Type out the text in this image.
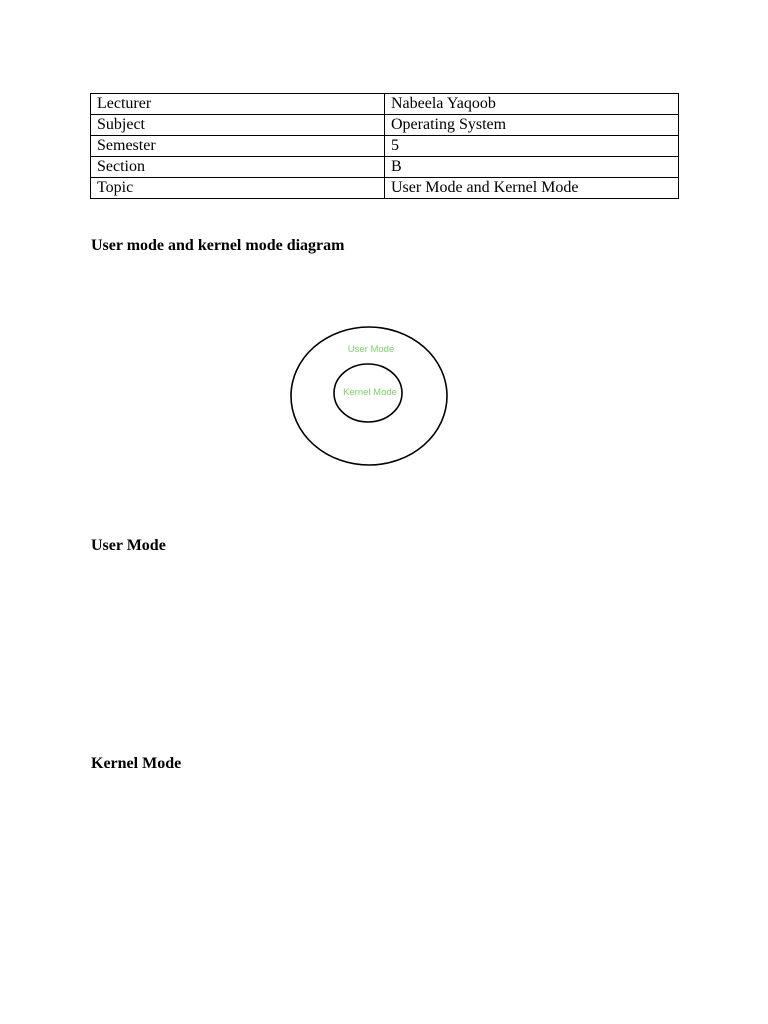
Lecturer	Nabeela Yaqoob
Subject	Operating System
Semester	5
Section	B
Topic	User Mode and Kernel Mode
User mode and kernel mode diagram
User Mode
Kernel Mode
User Mode
Kernel Mode
